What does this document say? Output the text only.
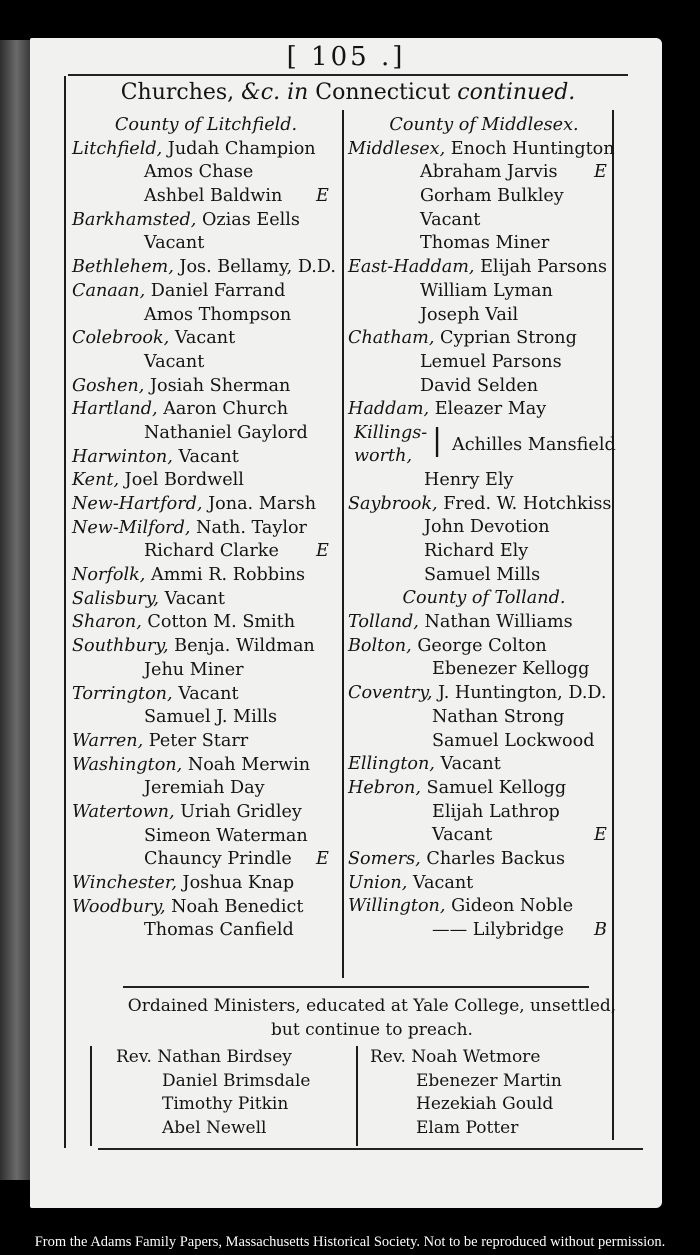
[ 105 .]
Churches, &c. in Connecticut continued.
County of Litchfield.
Litchfield, Judah Champion
Amos Chase
Ashbel Baldwin E
Barkhamsted, Ozias Eells
Vacant
Bethlehem, Jos. Bellamy, D.D.
Canaan, Daniel Farrand
Amos Thompson
Colebrook, Vacant
Vacant
Goshen, Josiah Sherman
Hartland, Aaron Church
Nathaniel Gaylord
Harwinton, Vacant
Kent, Joel Bordwell
New-Hartford, Jona. Marsh
New-Milford, Nath. Taylor
Richard Clarke E
Norfolk, Ammi R. Robbins
Salisbury, Vacant
Sharon, Cotton M. Smith
Southbury, Benja. Wildman
Jehu Miner
Torrington, Vacant
Samuel J. Mills
Warren, Peter Starr
Washington, Noah Merwin
Jeremiah Day
Watertown, Uriah Gridley
Simeon Waterman
Chauncy Prindle E
Winchester, Joshua Knap
Woodbury, Noah Benedict
Thomas Canfield
County of Middlesex.
Middlesex, Enoch Huntington
Abraham Jarvis E
Gorham Bulkley
Vacant
Thomas Miner
East-Haddam, Elijah Parsons
William Lyman
Joseph Vail
Chatham, Cyprian Strong
Lemuel Parsons
David Selden
Haddam, Eleazer May
Killings-
worth, | Achilles Mansfield
Henry Ely
Saybrook, Fred. W. Hotchkiss
John Devotion
Richard Ely
Samuel Mills
County of Tolland.
Tolland, Nathan Williams
Bolton, George Colton
Ebenezer Kellogg
Coventry, J. Huntington, D.D.
Nathan Strong
Samuel Lockwood
Ellington, Vacant
Hebron, Samuel Kellogg
Elijah Lathrop
Vacant	E
Somers, Charles Backus
Union, Vacant
Willington, Gideon Noble
—— Lilybridge B
Ordained Ministers, educated at Yale College, unsettled,
but continue to preach.
Rev. Nathan Birdsey
Daniel Brimsdale
Timothy Pitkin
Abel Newell
Rev. Noah Wetmore
Ebenezer Martin
Hezekiah Gould
Elam Potter
From the Adams Family Papers, Massachusetts Historical Society. Not to be reproduced without permission.
